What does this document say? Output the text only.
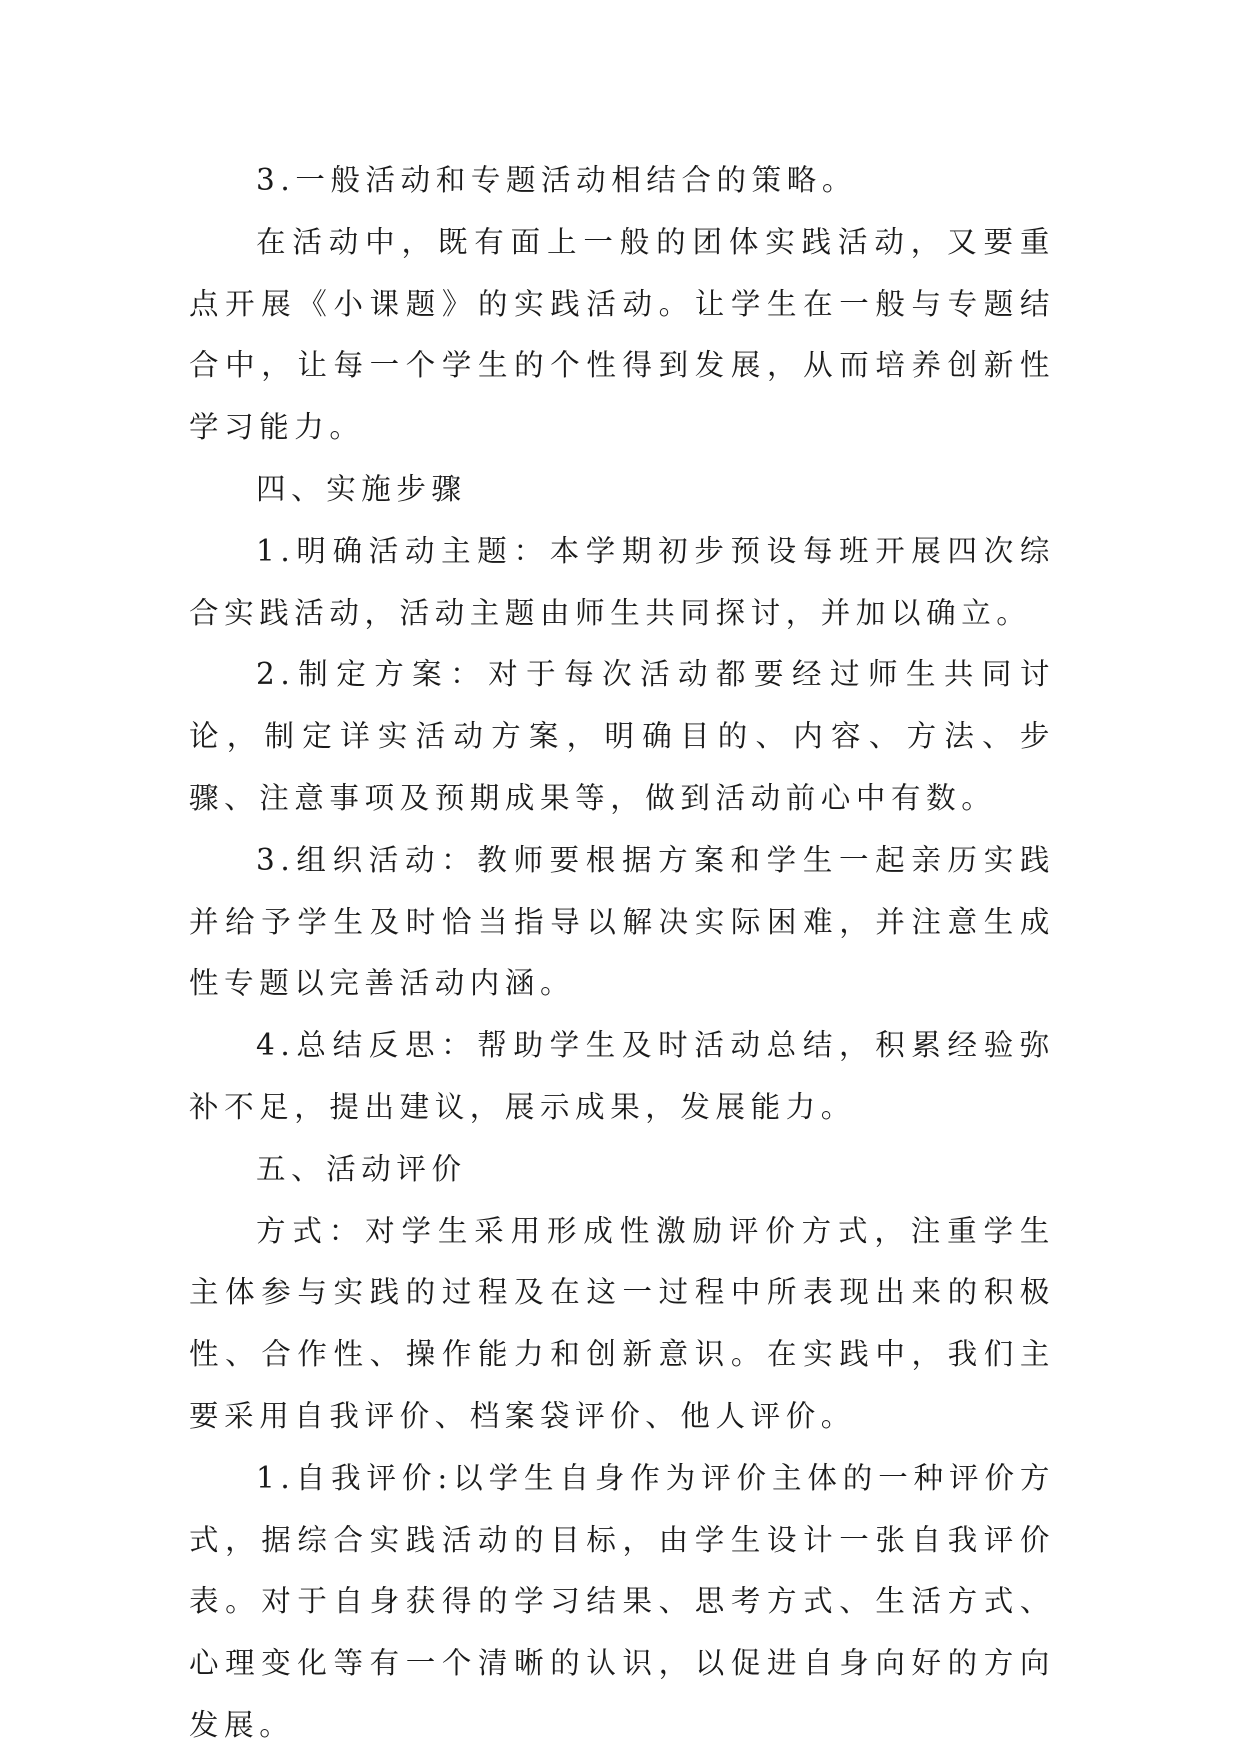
3.一般活动和专题活动相结合的策略。

在活动中，既有面上一般的团体实践活动，又要重点开展《小课题》的实践活动。让学生在一般与专题结合中，让每一个学生的个性得到发展，从而培养创新性学习能力。

四、实施步骤

1.明确活动主题：本学期初步预设每班开展四次综合实践活动，活动主题由师生共同探讨，并加以确立。

2.制定方案：对于每次活动都要经过师生共同讨论，制定详实活动方案，明确目的、内容、方法、步骤、注意事项及预期成果等，做到活动前心中有数。

3.组织活动：教师要根据方案和学生一起亲历实践并给予学生及时恰当指导以解决实际困难，并注意生成性专题以完善活动内涵。

4.总结反思：帮助学生及时活动总结，积累经验弥补不足，提出建议，展示成果，发展能力。

五、活动评价

方式：对学生采用形成性激励评价方式，注重学生主体参与实践的过程及在这一过程中所表现出来的积极性、合作性、操作能力和创新意识。在实践中，我们主要采用自我评价、档案袋评价、他人评价。

1.自我评价:以学生自身作为评价主体的一种评价方式，据综合实践活动的目标，由学生设计一张自我评价表。对于自身获得的学习结果、思考方式、生活方式、心理变化等有一个清晰的认识，以促进自身向好的方向发展。
